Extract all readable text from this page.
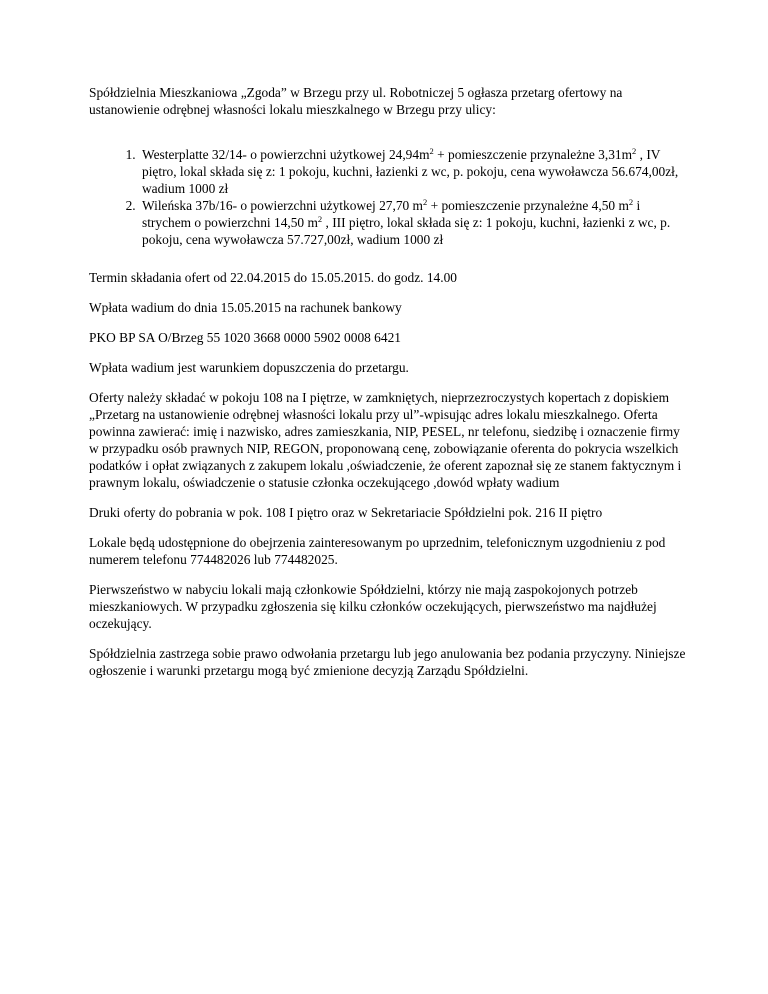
Spółdzielnia Mieszkaniowa „Zgoda” w Brzegu przy ul. Robotniczej 5 ogłasza przetarg ofertowy na ustanowienie odrębnej własności lokalu mieszkalnego w Brzegu przy ulicy:

1. Westerplatte 32/14- o powierzchni użytkowej $24,94m^2$ + pomieszczenie przynależne $3,31m^2$ , IV piętro, lokal składa się z: 1 pokoju, kuchni, łazienki z wc, p. pokoju, cena wywoławcza 56.674,00zł, wadium 1000 zł
2. Wileńska 37b/16- o powierzchni użytkowej 27,70 $m^2$ + pomieszczenie przynależne 4,50 $m^2$ i strychem o powierzchni 14,50 $m^2$ , III piętro, lokal składa się z: 1 pokoju, kuchni, łazienki z wc, p. pokoju, cena wywoławcza 57.727,00zł, wadium 1000 zł

Termin składania ofert od 22.04.2015 do 15.05.2015. do godz. 14.00

Wpłata wadium do dnia 15.05.2015 na rachunek bankowy

PKO BP SA O/Brzeg 55 1020 3668 0000 5902 0008 6421

Wpłata wadium jest warunkiem dopuszczenia do przetargu.

Oferty należy składać w pokoju 108 na I piętrze, w zamkniętych, nieprzezroczystych kopertach z dopiskiem „Przetarg na ustanowienie odrębnej własności lokalu przy ul”-wpisując adres lokalu mieszkalnego. Oferta powinna zawierać: imię i nazwisko, adres zamieszkania, NIP, PESEL, nr telefonu, siedzibę i oznaczenie firmy w przypadku osób prawnych NIP, REGON, proponowaną cenę, zobowiązanie oferenta do pokrycia wszelkich podatków i opłat związanych z zakupem lokalu ,oświadczenie, że oferent zapoznał się ze stanem faktycznym i prawnym lokalu, oświadczenie o statusie członka oczekującego ,dowód wpłaty wadium

Druki oferty do pobrania w pok. 108 I piętro oraz w Sekretariacie Spółdzielni pok. 216 II piętro

Lokale będą udostępnione do obejrzenia zainteresowanym po uprzednim, telefonicznym uzgodnieniu z pod numerem telefonu 774482026 lub 774482025.

Pierwszeństwo w nabyciu lokali mają członkowie Spółdzielni, którzy nie mają zaspokojonych potrzeb mieszkaniowych. W przypadku zgłoszenia się kilku członków oczekujących, pierwszeństwo ma najdłużej oczekujący.

Spółdzielnia zastrzega sobie prawo odwołania przetargu lub jego anulowania bez podania przyczyny. Niniejsze ogłoszenie i warunki przetargu mogą być zmienione decyzją Zarządu Spółdzielni.
